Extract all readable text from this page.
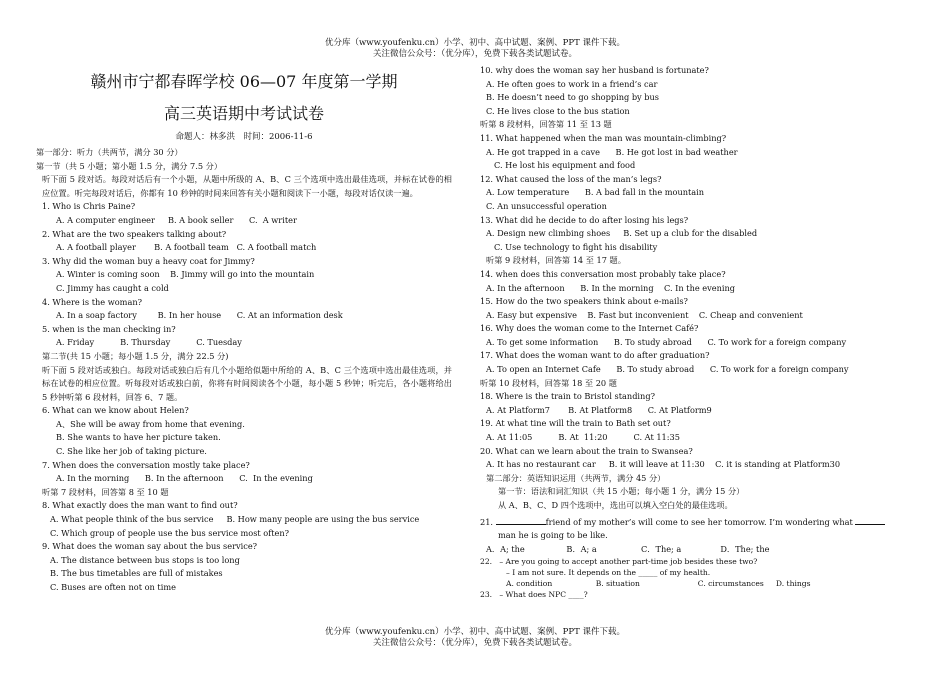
优分库（www.youfenku.cn）小学、初中、高中试题、案例、PPT 课件下载。
关注微信公众号：（优分库），免费下载各类试题试卷。
赣州市宁都春晖学校 06—07 年度第一学期
高三英语期中考试试卷
命题人：林多洪　时间：2006-11-6
第一部分：听力（共两节，满分 30 分）
第一节（共 5 小题；第小题 1.5 分，满分 7.5 分）
听下面 5 段对话。每段对话后有一个小题，从题中所级的 A、B、C 三个选项中选出最佳选项，并标在试卷的相应位置。听完每段对话后，你都有 10 秒钟的时间来回答有关小题和阅读下一小题，每段对话仅读一遍。
1. Who is Chris Paine?
A. A computer engineer     B. A book seller      C.  A writer
2. What are the two speakers talking about?
A. A football player       B. A football team   C. A football match
3. Why did the woman buy a heavy coat for Jimmy?
A. Winter is coming soon    B. Jimmy will go into the mountain
C. Jimmy has caught a cold
4. Where is the woman?
A. In a soap factory        B. In her house      C. At an information desk
5. when is the man checking in?
A. Friday          B. Thursday          C. Tuesday
第二节(共 15 小题；每小题 1.5 分，满分 22.5 分)
听下面 5 段对话或独白。每段对话或独白后有几个小题给似题中所给的 A、B、C 三个选项中选出最佳选项，并标在试卷的相应位置。听每段对话或独白前，你将有时间阅读各个小题，每小题 5 秒钟；听完后，各小题将给出 5 秒钟听第 6 段材料，回答 6、7 题。
6. What can we know about Helen?
A、She will be away from home that evening.
B. She wants to have her picture taken.
C. She like her job of taking picture.
7. When does the conversation mostly take place?
A. In the morning      B. In the afternoon      C.  In the evening
听第 7 段材料，回答第 8 至 10 题
8. What exactly does the man want to find out?
A. What people think of the bus service     B. How many people are using the bus service
C. Which group of people use the bus service most often?
9. What does the woman say about the bus service?
A. The distance between bus stops is too long
B. The bus timetables are full of mistakes
C. Buses are often not on time
10. why does the woman say her husband is fortunate?
A. He often goes to work in a friend’s car
B. He doesn’t need to go shopping by bus
C. He lives close to the bus station
听第 8 段材料，回答第 11 至 13 题
11. What happened when the man was mountain-climbing?
A. He got trapped in a cave      B. He got lost in bad weather
C. He lost his equipment and food
12. What caused the loss of the man’s legs?
A. Low temperature      B. A bad fall in the mountain
C. An unsuccessful operation
13. What did he decide to do after losing his legs?
A. Design new climbing shoes     B. Set up a club for the disabled
C. Use technology to fight his disability
听第 9 段材料，回答第 14 至 17 题。
14. when does this conversation most probably take place?
A. In the afternoon      B. In the morning    C. In the evening
15. How do the two speakers think about e-mails?
A. Easy but expensive    B. Fast but inconvenient    C. Cheap and convenient
16. Why does the woman come to the Internet Café?
A. To get some information      B. To study abroad      C. To work for a foreign company
17. What does the woman want to do after graduation?
A. To open an Internet Cafe      B. To study abroad      C. To work for a foreign company
听第 10 段材料，回答第 18 至 20 题
18. Where is the train to Bristol standing?
A. At Platform7       B. At Platform8      C. At Platform9
19. At what tine will the train to Bath set out?
A. At 11:05          B. At  11:20          C. At 11:35
20. What can we learn about the train to Swansea?
A. It has no restaurant car     B. it will leave at 11:30    C. it is standing at Platform30
第二部分：英语知识运用（共两节，满分 45 分）
第一节：语法和词汇知识（共 15 小题；每小题 1 分，满分 15 分）
从 A、B、C、D 四个选项中，选出可以填入空白处的最佳选项。
21.	friend of my mother’s will come to see her tomorrow. I’m wondering what
man he is going to be like.
A．A; the                B．A; a                 C．The; a               D．The; the
22.   – Are you going to accept another part-time job besides these two?
– I am not sure. It depends on the _____ of my health.
A. condition                  B. situation                        C. circumstances     D. things
23.   – What does NPC ____?
优分库（www.youfenku.cn）小学、初中、高中试题、案例、PPT 课件下载。
关注微信公众号：（优分库），免费下载各类试题试卷。
